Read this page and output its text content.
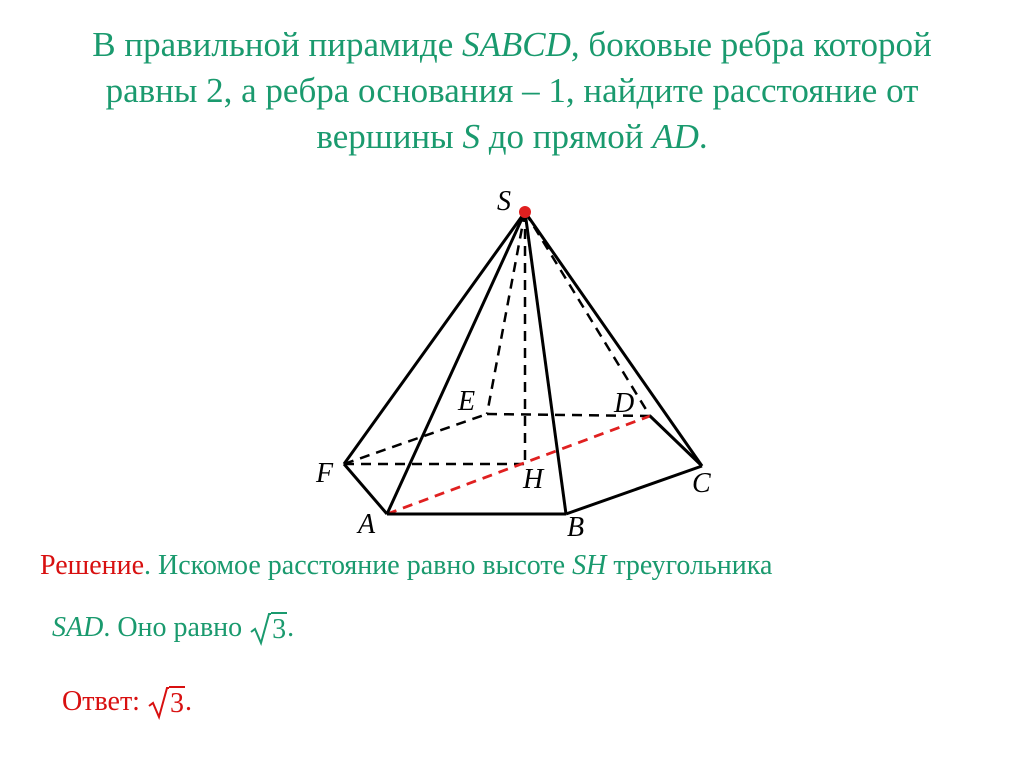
В правильной пирамиде SABCD, боковые ребра которой
равны 2, а ребра основания – 1, найдите расстояние от
вершины S до прямой AD.
S
E	D
F	H	C
A	B
Решение. Искомое расстояние равно высоте SH треугольника
SAD. Оно равно 3.
Ответ: 3.
